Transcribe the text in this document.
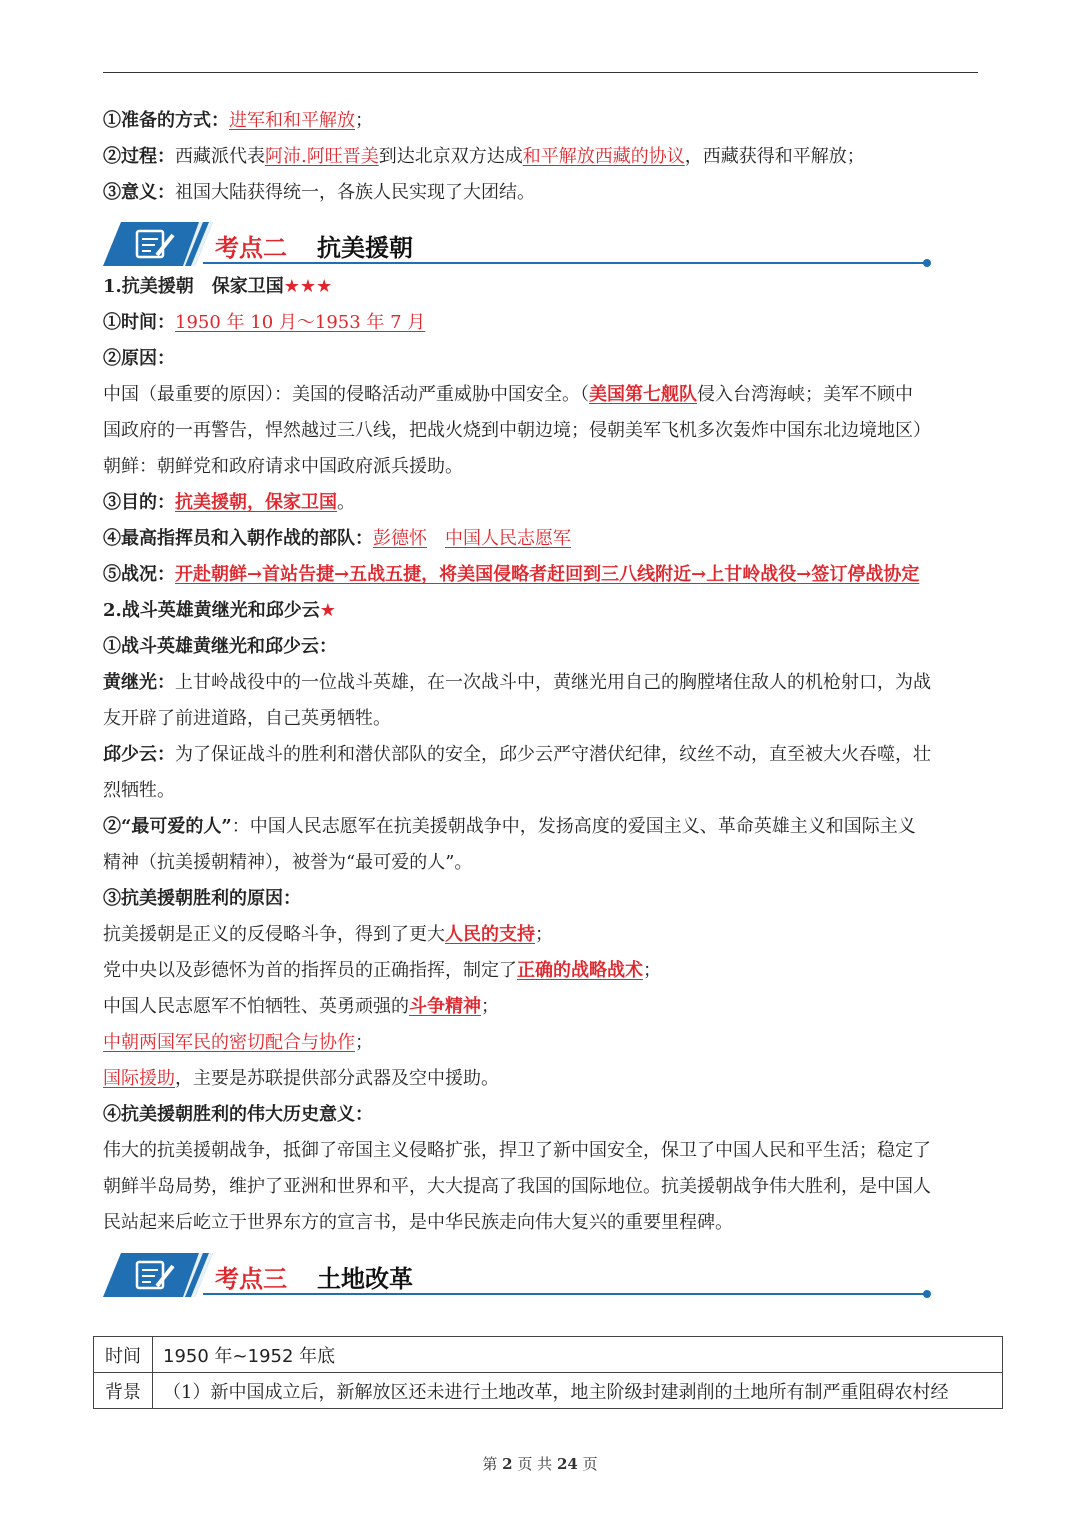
①准备的方式：进军和和平解放；
②过程：西藏派代表阿沛.阿旺晋美到达北京双方达成和平解放西藏的协议，西藏获得和平解放；
③意义：祖国大陆获得统一，各族人民实现了大团结。
考点二 抗美援朝
1.抗美援朝　保家卫国★★★
①时间：1950 年 10 月～1953 年 7 月
②原因：
中国（最重要的原因）：美国的侵略活动严重威胁中国安全。（美国第七舰队侵入台湾海峡；美军不顾中
国政府的一再警告，悍然越过三八线，把战火烧到中朝边境；侵朝美军飞机多次轰炸中国东北边境地区）
朝鲜：朝鲜党和政府请求中国政府派兵援助。
③目的：抗美援朝，保家卫国。
④最高指挥员和入朝作战的部队：彭德怀　 中国人民志愿军
⑤战况：开赴朝鲜→首站告捷→五战五捷，将美国侵略者赶回到三八线附近→上甘岭战役→签订停战协定
2.战斗英雄黄继光和邱少云★
①战斗英雄黄继光和邱少云：
黄继光：上甘岭战役中的一位战斗英雄，在一次战斗中，黄继光用自己的胸膛堵住敌人的机枪射口，为战
友开辟了前进道路，自己英勇牺牲。
邱少云：为了保证战斗的胜利和潜伏部队的安全，邱少云严守潜伏纪律，纹丝不动，直至被大火吞噬，壮
烈牺牲。
②“最可爱的人”：中国人民志愿军在抗美援朝战争中，发扬高度的爱国主义、革命英雄主义和国际主义
精神（抗美援朝精神），被誉为“最可爱的人”。
③抗美援朝胜利的原因：
抗美援朝是正义的反侵略斗争，得到了更大人民的支持；
党中央以及彭德怀为首的指挥员的正确指挥，制定了正确的战略战术；
中国人民志愿军不怕牺牲、英勇顽强的斗争精神；
中朝两国军民的密切配合与协作；
国际援助，主要是苏联提供部分武器及空中援助。
④抗美援朝胜利的伟大历史意义：
伟大的抗美援朝战争，抵御了帝国主义侵略扩张，捍卫了新中国安全，保卫了中国人民和平生活；稳定了
朝鲜半岛局势，维护了亚洲和世界和平，大大提高了我国的国际地位。抗美援朝战争伟大胜利，是中国人
民站起来后屹立于世界东方的宣言书，是中华民族走向伟大复兴的重要里程碑。
考点三 土地改革
时间	1950 年~1952 年底
背景	（1）新中国成立后，新解放区还未进行土地改革，地主阶级封建剥削的土地所有制严重阻碍农村经
第 2 页 共 24 页
